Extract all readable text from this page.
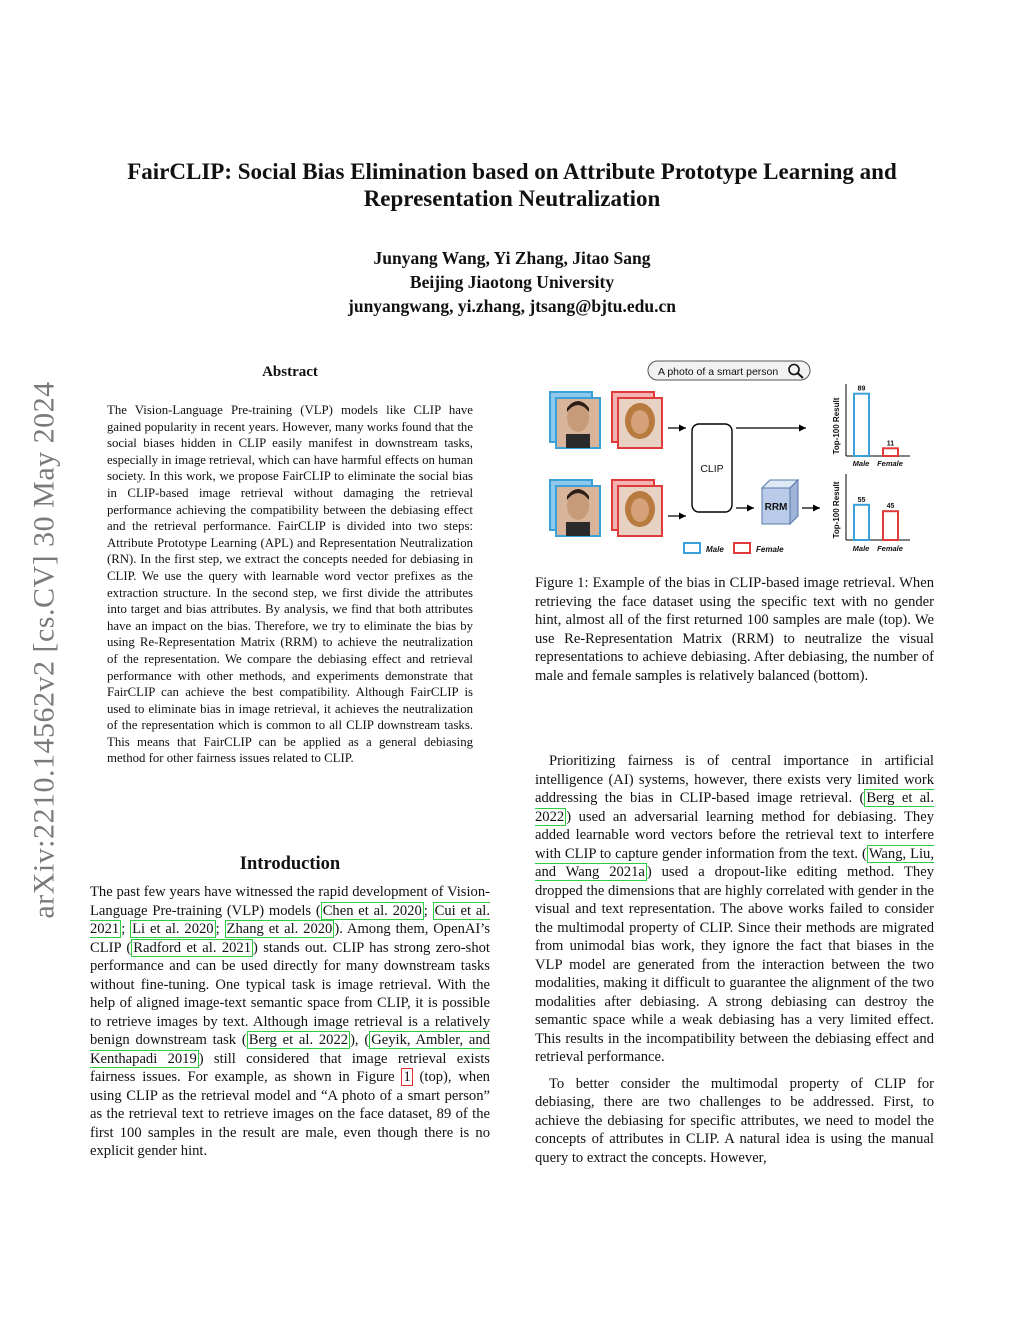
arXiv:2210.14562v2 [cs.CV] 30 May 2024

FairCLIP: Social Bias Elimination based on Attribute Prototype Learning and
Representation Neutralization

Junyang Wang, Yi Zhang, Jitao Sang
Beijing Jiaotong University
junyangwang, yi.zhang, jtsang@bjtu.edu.cn

Abstract

The Vision-Language Pre-training (VLP) models like CLIP have gained popularity in recent years. However, many works found that the social biases hidden in CLIP easily manifest in downstream tasks, especially in image retrieval, which can have harmful effects on human society. In this work, we propose FairCLIP to eliminate the social bias in CLIP-based image retrieval without damaging the retrieval performance achieving the compatibility between the debiasing effect and the retrieval performance. FairCLIP is divided into two steps: Attribute Prototype Learning (APL) and Representation Neutralization (RN). In the first step, we extract the concepts needed for debiasing in CLIP. We use the query with learnable word vector prefixes as the extraction structure. In the second step, we first divide the attributes into target and bias attributes. By analysis, we find that both attributes have an impact on the bias. Therefore, we try to eliminate the bias by using Re-Representation Matrix (RRM) to achieve the neutralization of the representation. We compare the debiasing effect and retrieval performance with other methods, and experiments demonstrate that FairCLIP can achieve the best compatibility. Although FairCLIP is used to eliminate bias in image retrieval, it achieves the neutralization of the representation which is common to all CLIP downstream tasks. This means that FairCLIP can be applied as a general debiasing method for other fairness issues related to CLIP.

Introduction

The past few years have witnessed the rapid development of Vision-Language Pre-training (VLP) models ( Chen et al. 2020 ; Cui et al. 2021 ; Li et al. 2020 ; Zhang et al. 2020 ). Among them, OpenAI’s CLIP ( Radford et al. 2021 ) stands out. CLIP has strong zero-shot performance and can be used directly for many downstream tasks without fine-tuning. One typical task is image retrieval. With the help of aligned image-text semantic space from CLIP, it is possible to retrieve images by text. Although image retrieval is a relatively benign downstream task ( Berg et al. 2022 ), ( Geyik, Ambler, and Kenthapadi 2019 ) still considered that image retrieval exists fairness issues. For example, as shown in Figure 1 (top), when using CLIP as the retrieval model and “A photo of a smart person” as the retrieval text to retrieve images on the face dataset, 89 of the first 100 samples in the result are male, even though there is no explicit gender hint.

A photo of a smart person
CLIP
RRM
Top-100 Result
89
11
Male Female
Top-100 Result 55
45
Male Female
Male	Female

Figure 1: Example of the bias in CLIP-based image retrieval. When retrieving the face dataset using the specific text with no gender hint, almost all of the first returned 100 samples are male (top). We use Re-Representation Matrix (RRM) to neutralize the visual representations to achieve debiasing. After debiasing, the number of male and female samples is relatively balanced (bottom).

Prioritizing fairness is of central importance in artificial intelligence (AI) systems, however, there exists very limited work addressing the bias in CLIP-based image retrieval. ( Berg et al. 2022 ) used an adversarial learning method for debiasing. They added learnable word vectors before the retrieval text to interfere with CLIP to capture gender information from the text. ( Wang, Liu, and Wang 2021a ) used a dropout-like editing method. They dropped the dimensions that are highly correlated with gender in the visual and text representation. The above works failed to consider the multimodal property of CLIP. Since their methods are migrated from unimodal bias work, they ignore the fact that biases in the VLP model are generated from the interaction between the two modalities, making it difficult to guarantee the alignment of the two modalities after debiasing. A strong debiasing can destroy the semantic space while a weak debiasing has a very limited effect. This results in the incompatibility between the debiasing effect and retrieval performance.

To better consider the multimodal property of CLIP for debiasing, there are two challenges to be addressed. First, to achieve the debiasing for specific attributes, we need to model the concepts of attributes in CLIP. A natural idea is using the manual query to extract the concepts. However,
